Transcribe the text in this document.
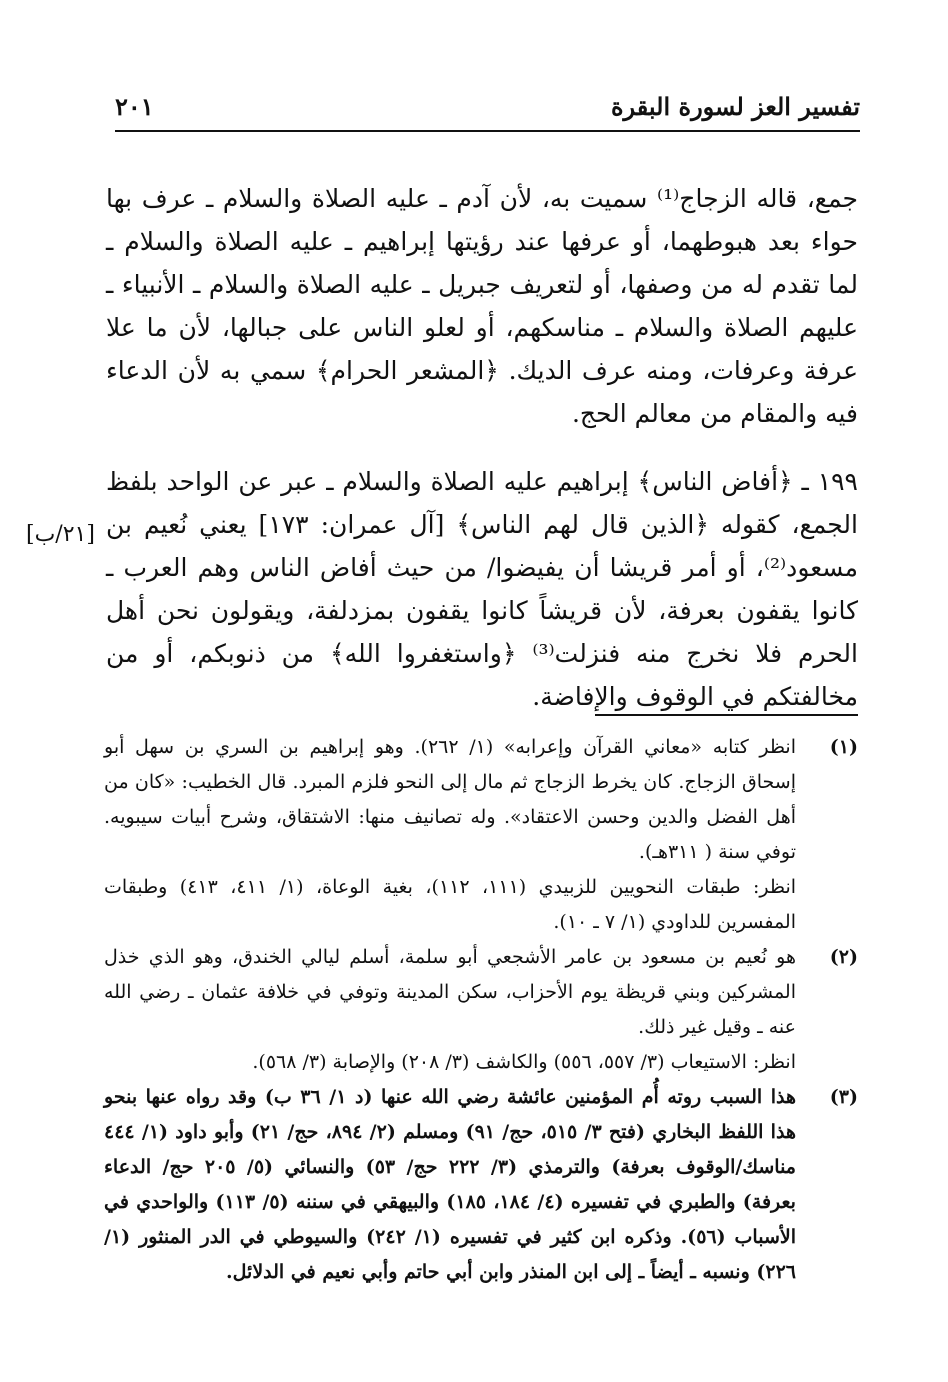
تفسير العز لسورة البقرة
٢٠١

جمع، قاله الزجاج⁽¹⁾ سميت به، لأن آدم ـ عليه الصلاة والسلام ـ عرف بها حواء بعد هبوطهما، أو عرفها عند رؤيتها إبراهيم ـ عليه الصلاة والسلام ـ لما تقدم له من وصفها، أو لتعريف جبريل ـ عليه الصلاة والسلام ـ الأنبياء ـ عليهم الصلاة والسلام ـ مناسكهم، أو لعلو الناس على جبالها، لأن ما علا عرفة وعرفات، ومنه عرف الديك. ﴿المشعر الحرام﴾ سمي به لأن الدعاء فيه والمقام من معالم الحج.

١٩٩ ـ ﴿أفاض الناس﴾ إبراهيم عليه الصلاة والسلام ـ عبر عن الواحد بلفظ الجمع، كقوله ﴿الذين قال لهم الناس﴾ [آل عمران: ١٧٣] يعني نُعيم بن مسعود⁽²⁾، أو أمر قريشا أن يفيضوا/ من حيث أفاض الناس وهم العرب ـ كانوا يقفون بعرفة، لأن قريشاً كانوا يقفون بمزدلفة، ويقولون نحن أهل الحرم فلا نخرج منه فنزلت⁽³⁾ ﴿واستغفروا الله﴾ من ذنوبكم، أو من مخالفتكم في الوقوف والإفاضة.

[٢١/ب]
(١)
انظر كتابه «معاني القرآن وإعرابه» (١/ ٢٦٢). وهو إبراهيم بن السري بن سهل أبو إسحاق الزجاج. كان يخرط الزجاج ثم مال إلى النحو فلزم المبرد. قال الخطيب: «كان من أهل الفضل والدين وحسن الاعتقاد». وله تصانيف منها: الاشتقاق، وشرح أبيات سيبويه. توفي سنة ( ٣١١هـ).
انظر: طبقات النحويين للزبيدي (١١١، ١١٢)، بغية الوعاة، (١/ ٤١١، ٤١٣) وطبقات المفسرين للداودي (١/ ٧ ـ ١٠).
(٢)
هو نُعيم بن مسعود بن عامر الأشجعي أبو سلمة، أسلم ليالي الخندق، وهو الذي خذل المشركين وبني قريظة يوم الأحزاب، سكن المدينة وتوفي في خلافة عثمان ـ رضي الله عنه ـ وقيل غير ذلك.
انظر: الاستيعاب (٣/ ٥٥٧، ٥٥٦) والكاشف (٣/ ٢٠٨) والإصابة (٣/ ٥٦٨).
(٣)
هذا السبب روته أُم المؤمنين عائشة رضي الله عنها (د ١/ ٣٦ ب) وقد رواه عنها بنحو هذا اللفظ البخاري (فتح ٣/ ٥١٥، حج/ ٩١) ومسلم (٢/ ٨٩٤، حج/ ٢١) وأبو داود (١/ ٤٤٤ مناسك/الوقوف بعرفة) والترمذي (٣/ ٢٢٢ حج/ ٥٣) والنسائي (٥/ ٢٠٥ حج/ الدعاء بعرفة) والطبري في تفسيره (٤/ ١٨٤، ١٨٥) والبيهقي في سننه (٥/ ١١٣) والواحدي في الأسباب (٥٦). وذكره ابن كثير في تفسيره (١/ ٢٤٢) والسيوطي في الدر المنثور (١/ ٢٢٦) ونسبه ـ أيضاً ـ إلى ابن المنذر وابن أبي حاتم وأبي نعيم في الدلائل.
